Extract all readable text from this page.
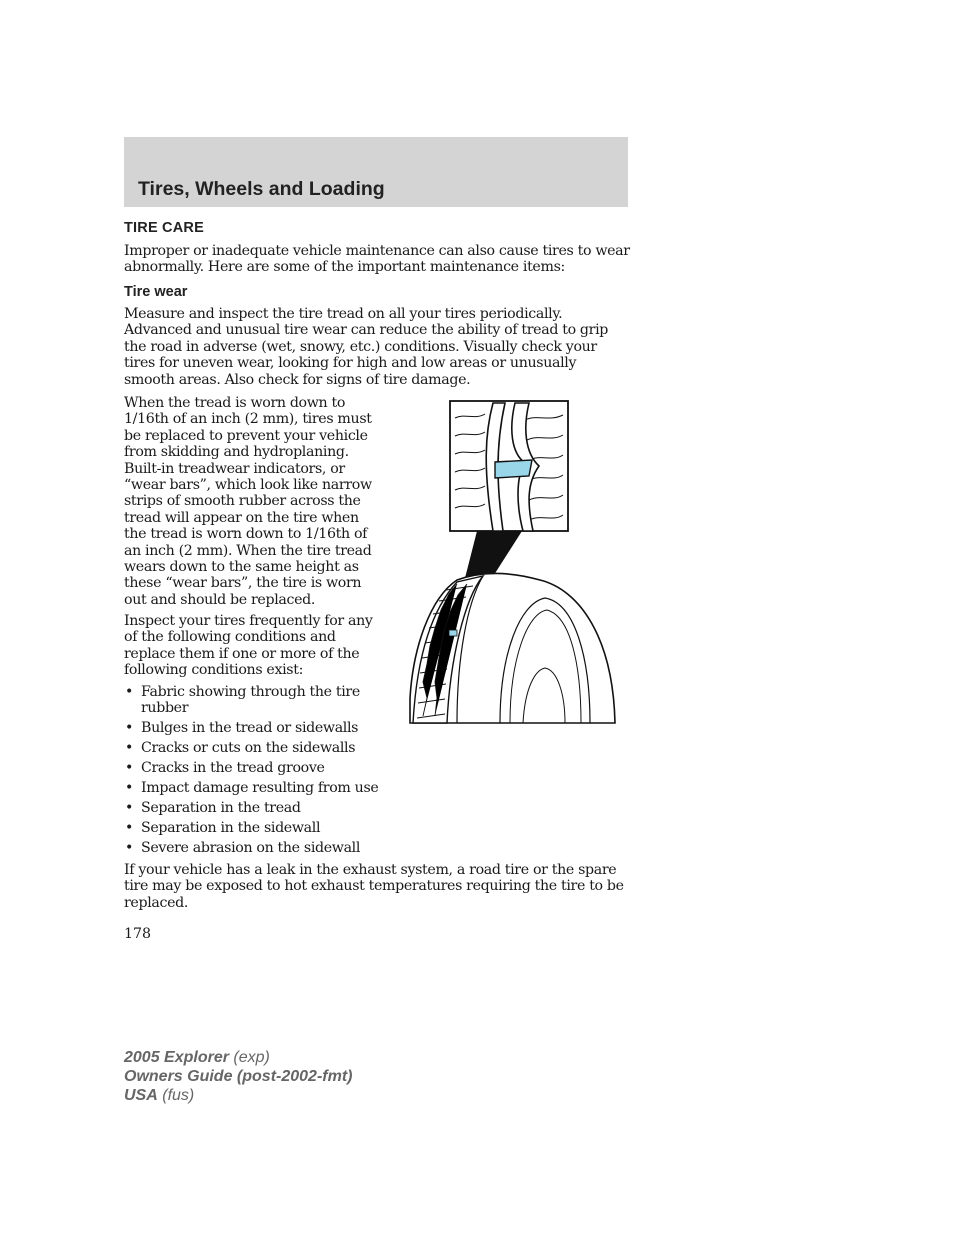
Tires, Wheels and Loading
TIRE CARE

Improper or inadequate vehicle maintenance can also cause tires to wear abnormally. Here are some of the important maintenance items:

Tire wear

Measure and inspect the tire tread on all your tires periodically. Advanced and unusual tire wear can reduce the ability of tread to grip the road in adverse (wet, snowy, etc.) conditions. Visually check your tires for uneven wear, looking for high and low areas or unusually smooth areas. Also check for signs of tire damage.

When the tread is worn down to
1/16th of an inch (2 mm), tires must
be replaced to prevent your vehicle
from skidding and hydroplaning.
Built-in treadwear indicators, or
“wear bars”, which look like narrow
strips of smooth rubber across the
tread will appear on the tire when
the tread is worn down to 1/16th of
an inch (2 mm). When the tire tread
wears down to the same height as
these “wear bars”, the tire is worn
out and should be replaced.

Inspect your tires frequently for any
of the following conditions and
replace them if one or more of the
following conditions exist:

• Fabric showing through the tire
rubber
• Bulges in the tread or sidewalls
• Cracks or cuts on the sidewalls
• Cracks in the tread groove
• Impact damage resulting from use
• Separation in the tread
• Separation in the sidewall
• Severe abrasion on the sidewall

If your vehicle has a leak in the exhaust system, a road tire or the spare tire may be exposed to hot exhaust temperatures requiring the tire to be replaced.

178

2005 Explorer (exp)
Owners Guide (post-2002-fmt)
USA (fus)
